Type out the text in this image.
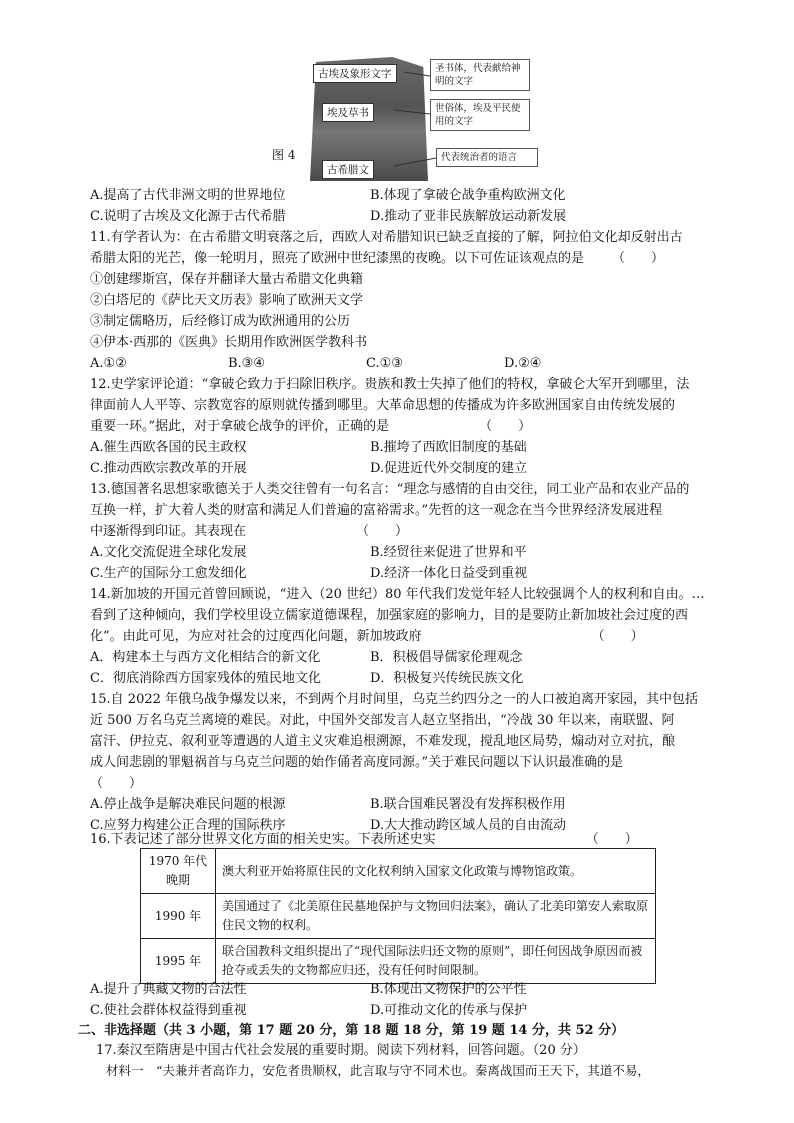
古埃及象形文字
埃及草书
古希腊文
圣书体，代表献给神明的文字
世俗体，埃及平民使用的文字
代表统治者的语言
图 4
A.提高了古代非洲文明的世界地位	B.体现了拿破仑战争重构欧洲文化
C.说明了古埃及文化源于古代希腊	D.推动了亚非民族解放运动新发展
11.有学者认为：在古希腊文明衰落之后，西欧人对希腊知识已缺乏直接的了解，阿拉伯文化却反射出古
希腊太阳的光芒，像一轮明月，照亮了欧洲中世纪漆黑的夜晚。以下可佐证该观点的是 （　　）
①创建缪斯宫，保存并翻译大量古希腊文化典籍
②白塔尼的《萨比天文历表》影响了欧洲天文学
③制定儒略历，后经修订成为欧洲通用的公历
④伊本·西那的《医典》长期用作欧洲医学教科书
A.①②	B.③④	C.①③	D.②④
12.史学家评论道：“拿破仑致力于扫除旧秩序。贵族和教士失掉了他们的特权，拿破仑大军开到哪里，法
律面前人人平等、宗教宽容的原则就传播到哪里。大革命思想的传播成为许多欧洲国家自由传统发展的
重要一环。”据此，对于拿破仑战争的评价，正确的是	（　　）
A.催生西欧各国的民主政权	B.摧垮了西欧旧制度的基础
C.推动西欧宗教改革的开展	D.促进近代外交制度的建立
13.德国著名思想家歌德关于人类交往曾有一句名言：“理念与感情的自由交往，同工业产品和农业产品的
互换一样，扩大着人类的财富和满足人们普遍的富裕需求。”先哲的这一观念在当今世界经济发展进程
中逐渐得到印证。其表现在	（　　）
A.文化交流促进全球化发展	B.经贸往来促进了世界和平
C.生产的国际分工愈发细化	D.经济一体化日益受到重视
14.新加坡的开国元首曾回顾说，“进入（20 世纪）80 年代我们发觉年轻人比较强调个人的权利和自由。…
看到了这种倾向，我们学校里设立儒家道德课程，加强家庭的影响力，目的是要防止新加坡社会过度的西
化”。由此可见，为应对社会的过度西化问题，新加坡政府	（　　）
A．构建本土与西方文化相结合的新文化	B．积极倡导儒家伦理观念
C．彻底消除西方国家残体的殖民地文化	D．积极复兴传统民族文化
15.自 2022 年俄乌战争爆发以来，不到两个月时间里，乌克兰约四分之一的人口被迫离开家园，其中包括
近 500 万名乌克兰离境的难民。对此，中国外交部发言人赵立坚指出，“冷战 30 年以来，南联盟、阿
富汗、伊拉克、叙利亚等遭遇的人道主义灾难追根溯源，不难发现，搅乱地区局势，煽动对立对抗，酿
成人间悲剧的罪魁祸首与乌克兰问题的始作俑者高度同源。”关于难民问题以下认识最准确的是
（　　）
A.停止战争是解决难民问题的根源	B.联合国难民署没有发挥积极作用
C.应努力构建公正合理的国际秩序	D.大大推动跨区域人员的自由流动
16.下表记述了部分世界文化方面的相关史实。下表所述史实	（　　）
1970 年代晚期	澳大利亚开始将原住民的文化权利纳入国家文化政策与博物馆政策。
1990 年	美国通过了《北美原住民墓地保护与文物回归法案》，确认了北美印第安人索取原住民文物的权利。
1995 年	联合国教科文组织提出了“现代国际法归还文物的原则”，即任何因战争原因而被抢夺或丢失的文物都应归还，没有任何时间限制。
A.提升了典藏文物的合法性	B.体现出文物保护的公平性
C.使社会群体权益得到重视	D.可推动文化的传承与保护
二、非选择题（共 3 小题，第 17 题 20 分，第 18 题 18 分，第 19 题 14 分，共 52 分）
17.秦汉至隋唐是中国古代社会发展的重要时期。阅读下列材料，回答问题。（20 分）
材料一　“夫兼并者高诈力，安危者贵顺权，此言取与守不同术也。秦离战国而王天下，其道不易，
